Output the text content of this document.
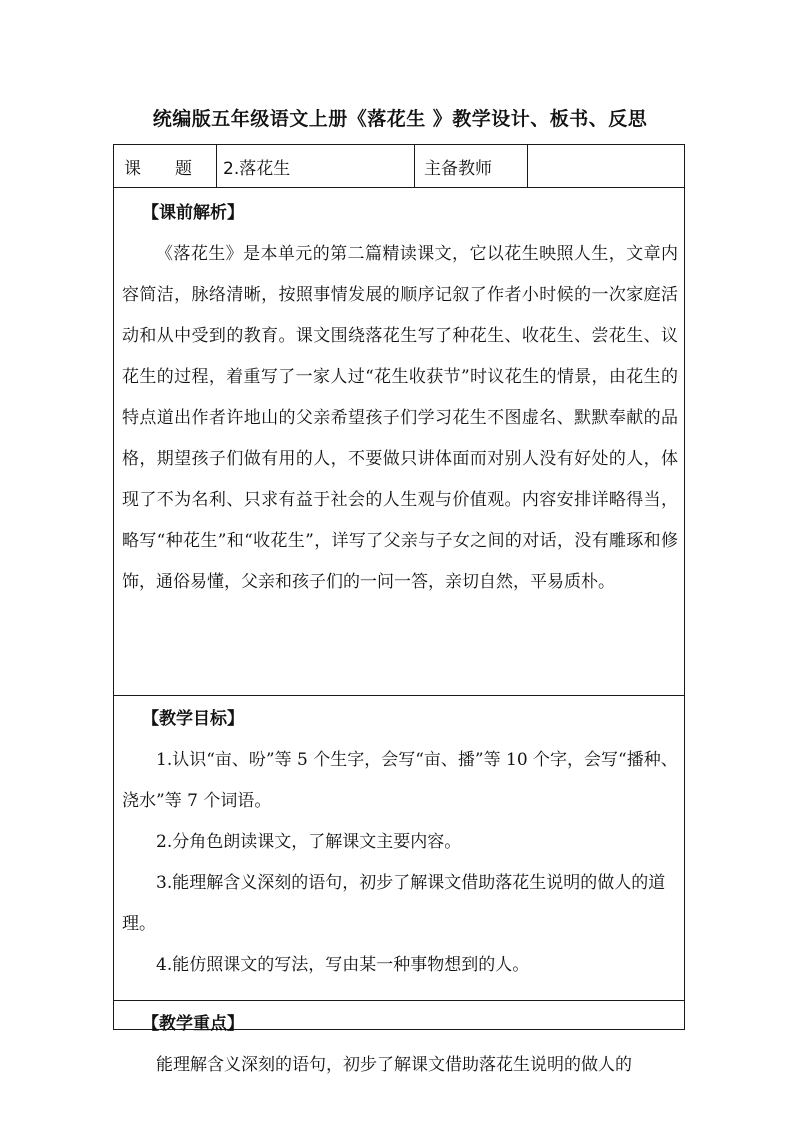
统编版五年级语文上册《落花生 》教学设计、板书、反思
课 题 2.落花生	主备教师
【课前解析】

《落花生》是本单元的第二篇精读课文，它以花生映照人生，文章内容简洁，脉络清晰，按照事情发展的顺序记叙了作者小时候的一次家庭活动和从中受到的教育。课文围绕落花生写了种花生、收花生、尝花生、议花生的过程，着重写了一家人过“花生收获节”时议花生的情景，由花生的特点道出作者许地山的父亲希望孩子们学习花生不图虚名、默默奉献的品格，期望孩子们做有用的人，不要做只讲体面而对别人没有好处的人，体现了不为名利、只求有益于社会的人生观与价值观。内容安排详略得当，略写“种花生”和“收花生”，详写了父亲与子女之间的对话，没有雕琢和修饰，通俗易懂，父亲和孩子们的一问一答，亲切自然，平易质朴。

【教学目标】

1.认识“亩、吩”等 5 个生字，会写“亩、播”等 10 个字，会写“播种、浇水”等 7 个词语。

2.分角色朗读课文，了解课文主要内容。

3.能理解含义深刻的语句，初步了解课文借助落花生说明的做人的道理。

4.能仿照课文的写法，写由某一种事物想到的人。

【教学重点】

能理解含义深刻的语句，初步了解课文借助落花生说明的做人的
